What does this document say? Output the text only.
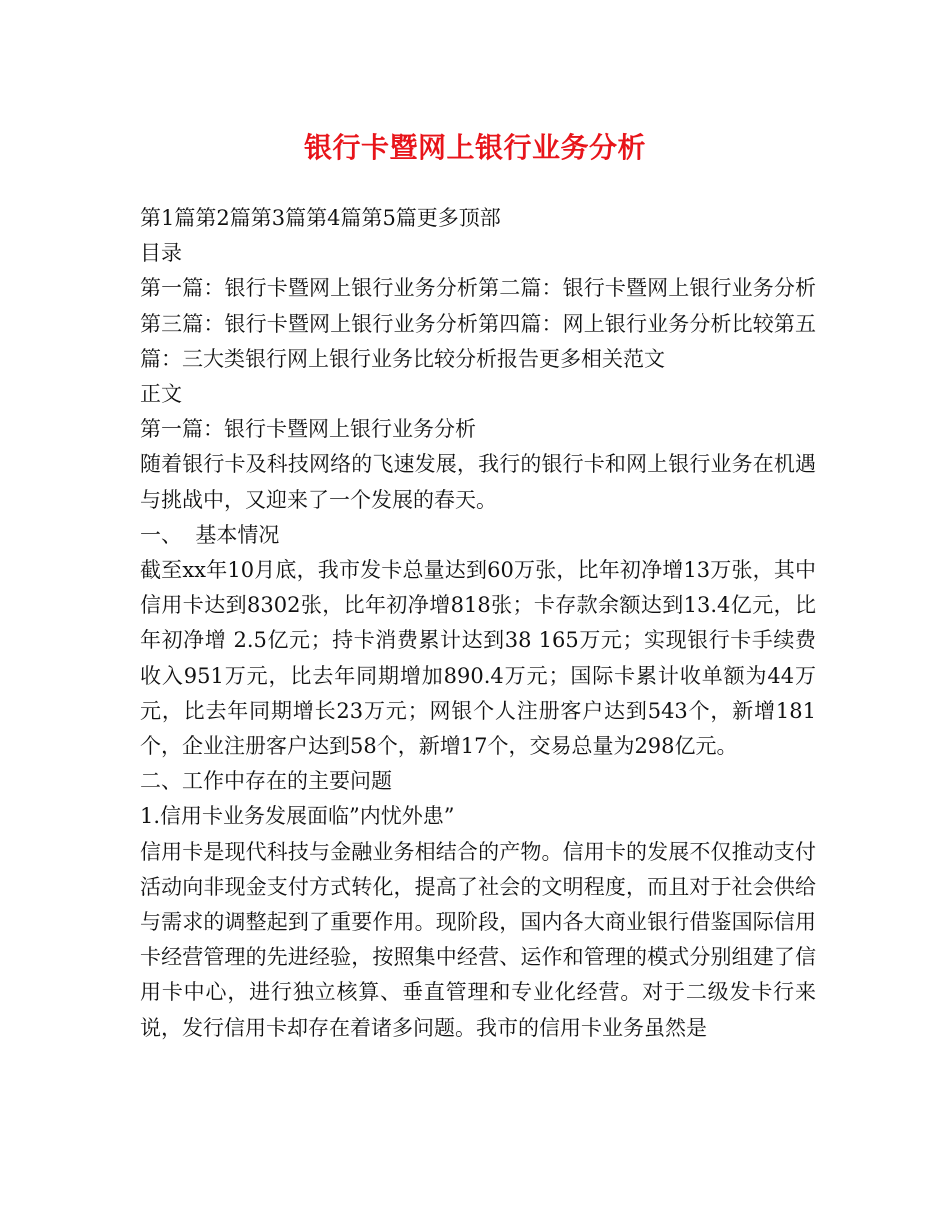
银行卡暨网上银行业务分析

第1篇第2篇第3篇第4篇第5篇更多顶部

目录

第一篇：银行卡暨网上银行业务分析第二篇：银行卡暨网上银行业务分析第三篇：银行卡暨网上银行业务分析第四篇：网上银行业务分析比较第五篇：三大类银行网上银行业务比较分析报告更多相关范文

正文

第一篇：银行卡暨网上银行业务分析

随着银行卡及科技网络的飞速发展，我行的银行卡和网上银行业务在机遇与挑战中，又迎来了一个发展的春天。

一、  基本情况

截至xx年10月底，我市发卡总量达到60万张，比年初净增13万张，其中信用卡达到8302张，比年初净增818张；卡存款余额达到13.4亿元，比年初净增 2.5亿元；持卡消费累计达到38 165万元；实现银行卡手续费收入951万元，比去年同期增加890.4万元；国际卡累计收单额为44万元，比去年同期增长23万元；网银个人注册客户达到543个，新增181个，企业注册客户达到58个，新增17个，交易总量为298亿元。

二、工作中存在的主要问题

1.信用卡业务发展面临”内忧外患”

信用卡是现代科技与金融业务相结合的产物。信用卡的发展不仅推动支付活动向非现金支付方式转化，提高了社会的文明程度，而且对于社会供给与需求的调整起到了重要作用。现阶段，国内各大商业银行借鉴国际信用卡经营管理的先进经验，按照集中经营、运作和管理的模式分别组建了信用卡中心，进行独立核算、垂直管理和专业化经营。对于二级发卡行来说，发行信用卡却存在着诸多问题。我市的信用卡业务虽然是
